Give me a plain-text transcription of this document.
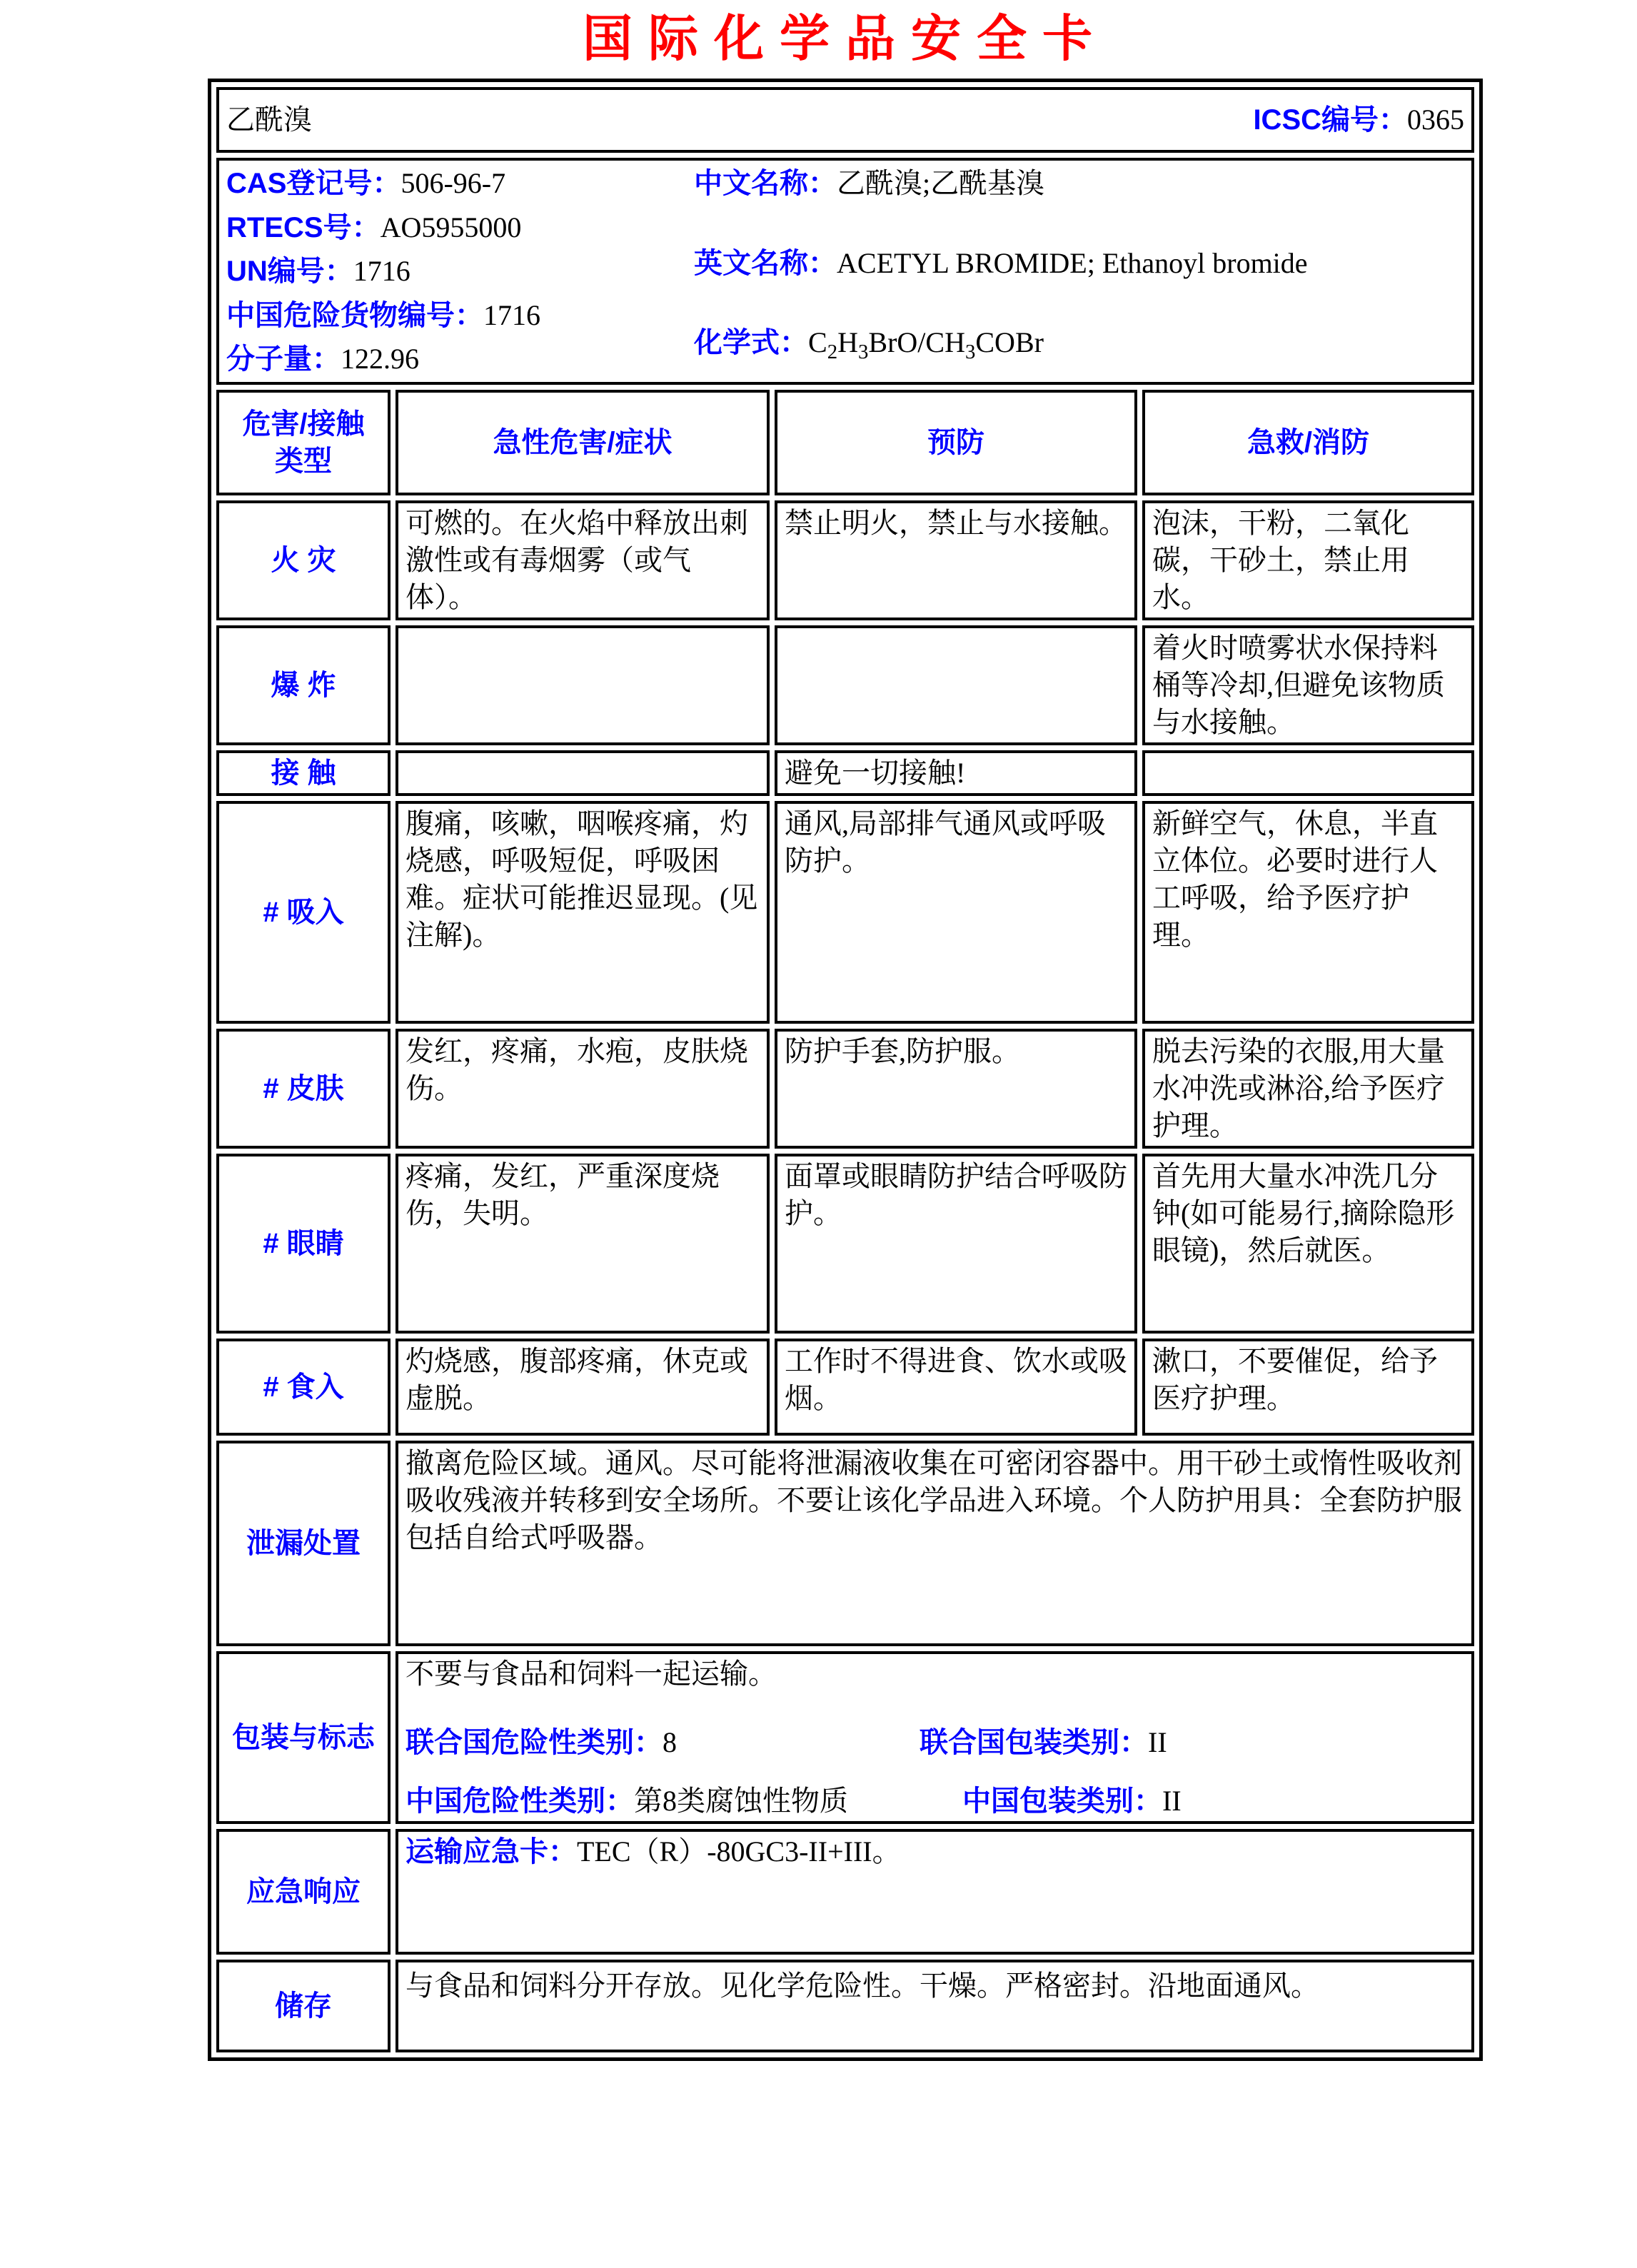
国际化学品安全卡
乙酰溴 ICSC编号：0365			

CAS登记号：506-96-7
RTECS号：AO5955000
UN编号：1716
中国危险货物编号：1716
分子量：122.96
中文名称：乙酰溴;乙酰基溴
英文名称：ACETYL BROMIDE; Ethanoyl bromide
化学式：$C_2H_3BrO/CH_3COBr$

危害/接触
类型	急性危害/症状	预防	急救/消防
火 灾	可燃的。在火焰中释放出刺激性或有毒烟雾（或气体）。	禁止明火，禁止与水接触。	泡沫，干粉，二氧化碳，干砂土，禁止用水。
爆 炸			着火时喷雾状水保持料桶等冷却,但避免该物质与水接触。
接 触		避免一切接触!	
# 吸入	腹痛，咳嗽，咽喉疼痛，灼烧感，呼吸短促，呼吸困难。症状可能推迟显现。(见注解)。	通风,局部排气通风或呼吸防护。	新鲜空气，休息，半直立体位。必要时进行人工呼吸，给予医疗护理。
# 皮肤	发红，疼痛，水疱，皮肤烧伤。	防护手套,防护服。	脱去污染的衣服,用大量水冲洗或淋浴,给予医疗护理。
# 眼睛	疼痛，发红，严重深度烧伤，失明。	面罩或眼睛防护结合呼吸防护。	首先用大量水冲洗几分钟(如可能易行,摘除隐形眼镜)，然后就医。
# 食入	灼烧感，腹部疼痛，休克或虚脱。	工作时不得进食、饮水或吸烟。	漱口，不要催促，给予医疗护理。
泄漏处置	撤离危险区域。通风。尽可能将泄漏液收集在可密闭容器中。用干砂土或惰性吸收剂吸收残液并转移到安全场所。不要让该化学品进入环境。个人防护用具：全套防护服包括自给式呼吸器。		
包装与标志	不要与食品和饲料一起运输。
联合国危险性类别：8 联合国包装类别：II
中国危险性类别：第8类腐蚀性物质 中国包装类别：II		

应急响应	运输应急卡：TEC（R）-80GC3-II+III。		
储存	与食品和饲料分开存放。见化学危险性。干燥。严格密封。沿地面通风。		
